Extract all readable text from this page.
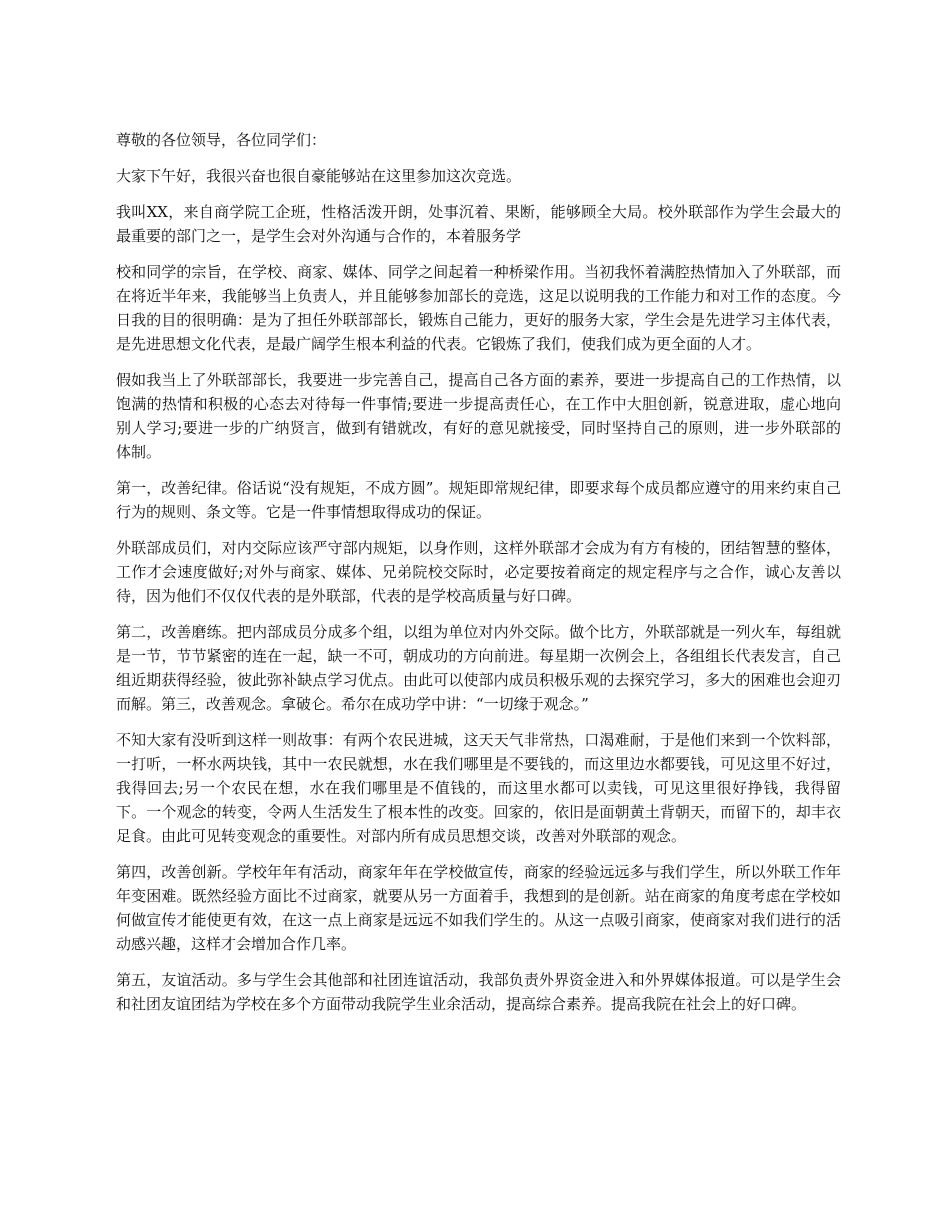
尊敬的各位领导，各位同学们：

大家下午好，我很兴奋也很自豪能够站在这里参加这次竞选。

我叫XX，来自商学院工企班，性格活泼开朗，处事沉着、果断，能够顾全大局。校外联部作为学生会最大的最重要的部门之一，是学生会对外沟通与合作的，本着服务学

校和同学的宗旨，在学校、商家、媒体、同学之间起着一种桥梁作用。当初我怀着满腔热情加入了外联部，而在将近半年来，我能够当上负责人，并且能够参加部长的竞选，这足以说明我的工作能力和对工作的态度。今日我的目的很明确：是为了担任外联部部长，锻炼自己能力，更好的服务大家，学生会是先进学习主体代表，是先进思想文化代表，是最广阔学生根本利益的代表。它锻炼了我们，使我们成为更全面的人才。

假如我当上了外联部部长，我要进一步完善自己，提高自己各方面的素养，要进一步提高自己的工作热情，以饱满的热情和积极的心态去对待每一件事情;要进一步提高责任心，在工作中大胆创新，锐意进取，虚心地向别人学习;要进一步的广纳贤言，做到有错就改，有好的意见就接受，同时坚持自己的原则，进一步外联部的体制。

第一，改善纪律。俗话说“没有规矩，不成方圆”。规矩即常规纪律，即要求每个成员都应遵守的用来约束自己行为的规则、条文等。它是一件事情想取得成功的保证。

外联部成员们，对内交际应该严守部内规矩，以身作则，这样外联部才会成为有方有棱的，团结智慧的整体，工作才会速度做好;对外与商家、媒体、兄弟院校交际时，必定要按着商定的规定程序与之合作，诚心友善以待，因为他们不仅仅代表的是外联部，代表的是学校高质量与好口碑。

第二，改善磨练。把内部成员分成多个组，以组为单位对内外交际。做个比方，外联部就是一列火车，每组就是一节，节节紧密的连在一起，缺一不可，朝成功的方向前进。每星期一次例会上，各组组长代表发言，自己组近期获得经验，彼此弥补缺点学习优点。由此可以使部内成员积极乐观的去探究学习，多大的困难也会迎刃而解。第三，改善观念。拿破仑。希尔在成功学中讲：“一切缘于观念。”

不知大家有没听到这样一则故事：有两个农民进城，这天天气非常热，口渴难耐，于是他们来到一个饮料部，一打听，一杯水两块钱，其中一农民就想，水在我们哪里是不要钱的，而这里边水都要钱，可见这里不好过，我得回去;另一个农民在想，水在我们哪里是不值钱的，而这里水都可以卖钱，可见这里很好挣钱，我得留下。一个观念的转变，令两人生活发生了根本性的改变。回家的，依旧是面朝黄土背朝天，而留下的，却丰衣足食。由此可见转变观念的重要性。对部内所有成员思想交谈，改善对外联部的观念。

第四，改善创新。学校年年有活动，商家年年在学校做宣传，商家的经验远远多与我们学生，所以外联工作年年变困难。既然经验方面比不过商家，就要从另一方面着手，我想到的是创新。站在商家的角度考虑在学校如何做宣传才能使更有效，在这一点上商家是远远不如我们学生的。从这一点吸引商家，使商家对我们进行的活动感兴趣，这样才会增加合作几率。

第五，友谊活动。多与学生会其他部和社团连谊活动，我部负责外界资金进入和外界媒体报道。可以是学生会和社团友谊团结为学校在多个方面带动我院学生业余活动，提高综合素养。提高我院在社会上的好口碑。
